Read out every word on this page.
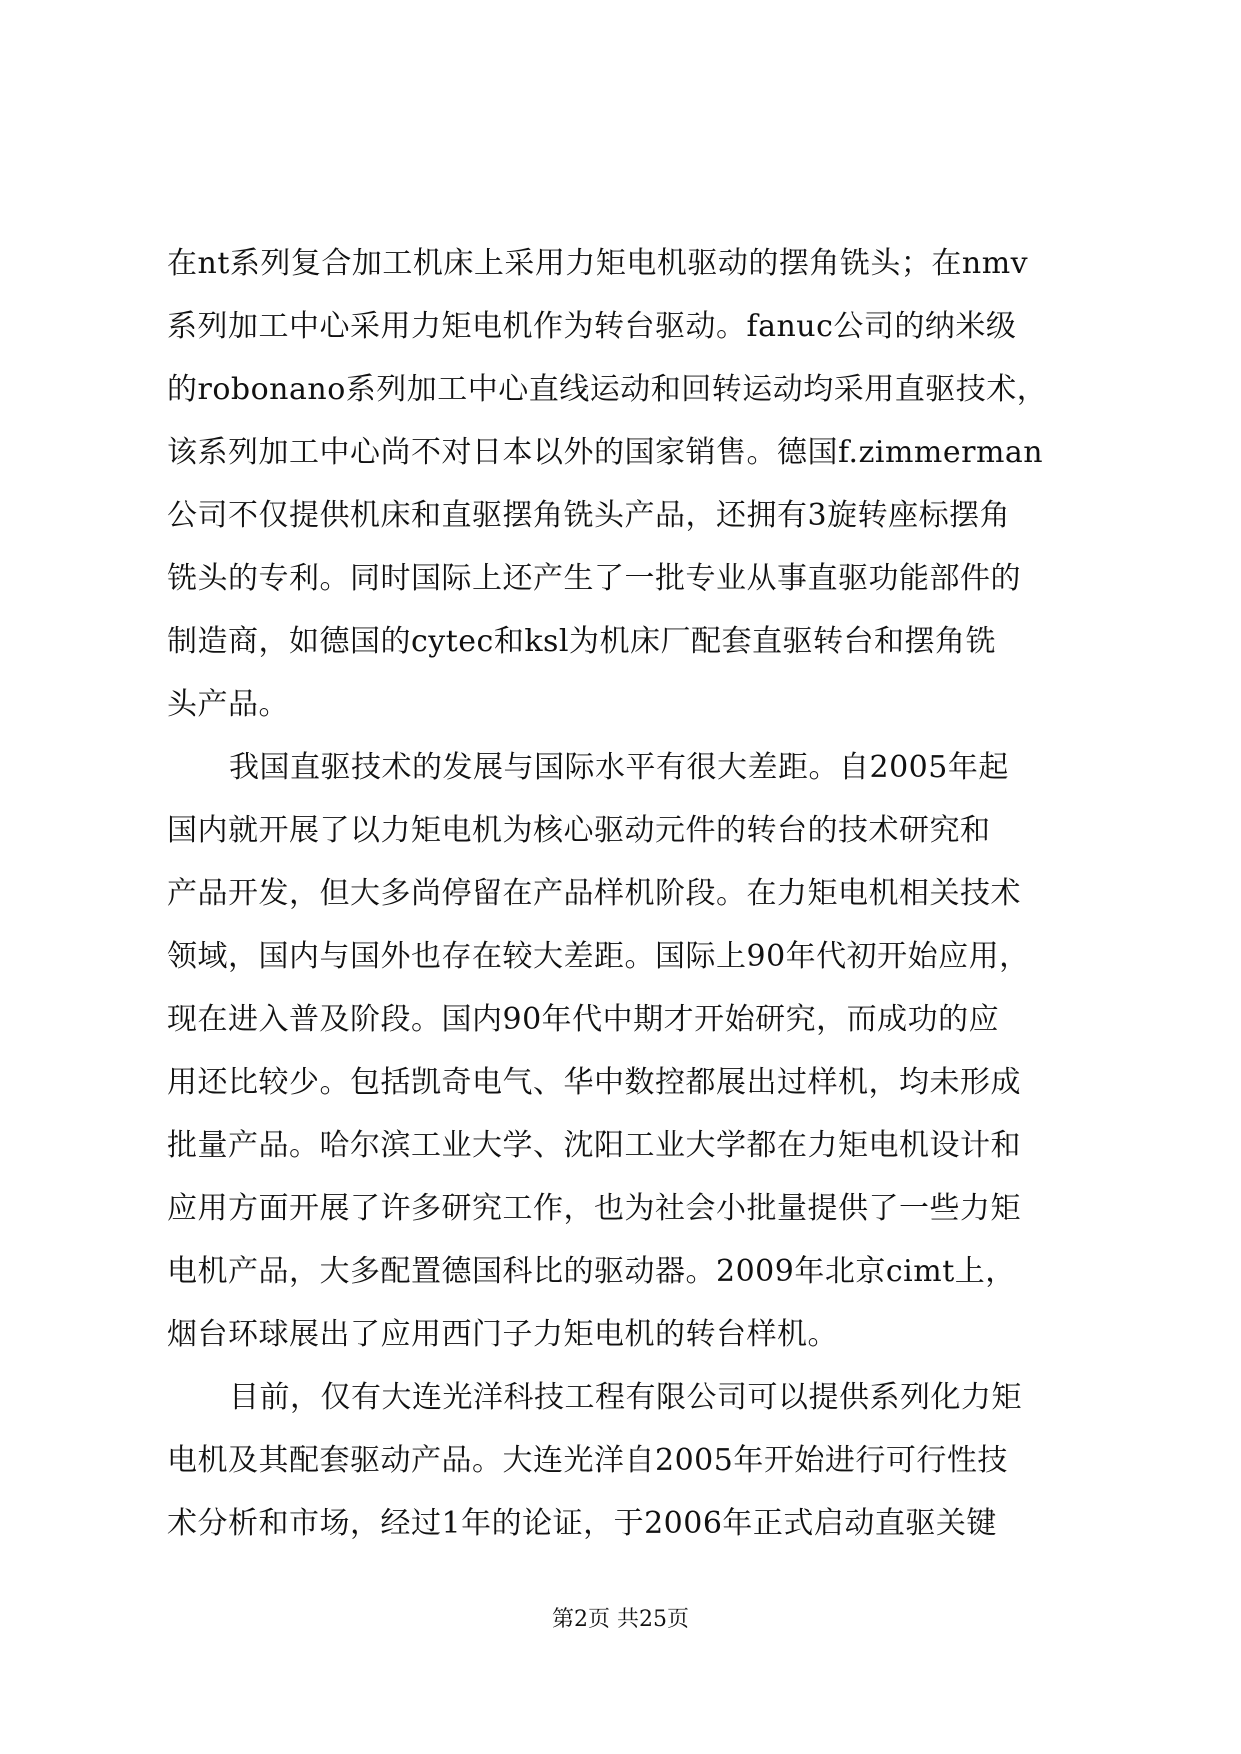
在nt系列复合加工机床上采用力矩电机驱动的摆角铣头；在nmv
系列加工中心采用力矩电机作为转台驱动。fanuc公司的纳米级
的robonano系列加工中心直线运动和回转运动均采用直驱技术，
该系列加工中心尚不对日本以外的国家销售。德国f.zimmerman
公司不仅提供机床和直驱摆角铣头产品，还拥有3旋转座标摆角
铣头的专利。同时国际上还产生了一批专业从事直驱功能部件的
制造商，如德国的cytec和ksl为机床厂配套直驱转台和摆角铣
头产品。
我国直驱技术的发展与国际水平有很大差距。自2005年起
国内就开展了以力矩电机为核心驱动元件的转台的技术研究和
产品开发，但大多尚停留在产品样机阶段。在力矩电机相关技术
领域，国内与国外也存在较大差距。国际上90年代初开始应用，
现在进入普及阶段。国内90年代中期才开始研究，而成功的应
用还比较少。包括凯奇电气、华中数控都展出过样机，均未形成
批量产品。哈尔滨工业大学、沈阳工业大学都在力矩电机设计和
应用方面开展了许多研究工作，也为社会小批量提供了一些力矩
电机产品，大多配置德国科比的驱动器。2009年北京cimt上，
烟台环球展出了应用西门子力矩电机的转台样机。
目前，仅有大连光洋科技工程有限公司可以提供系列化力矩
电机及其配套驱动产品。大连光洋自2005年开始进行可行性技
术分析和市场，经过1年的论证，于2006年正式启动直驱关键
第2页 共25页
